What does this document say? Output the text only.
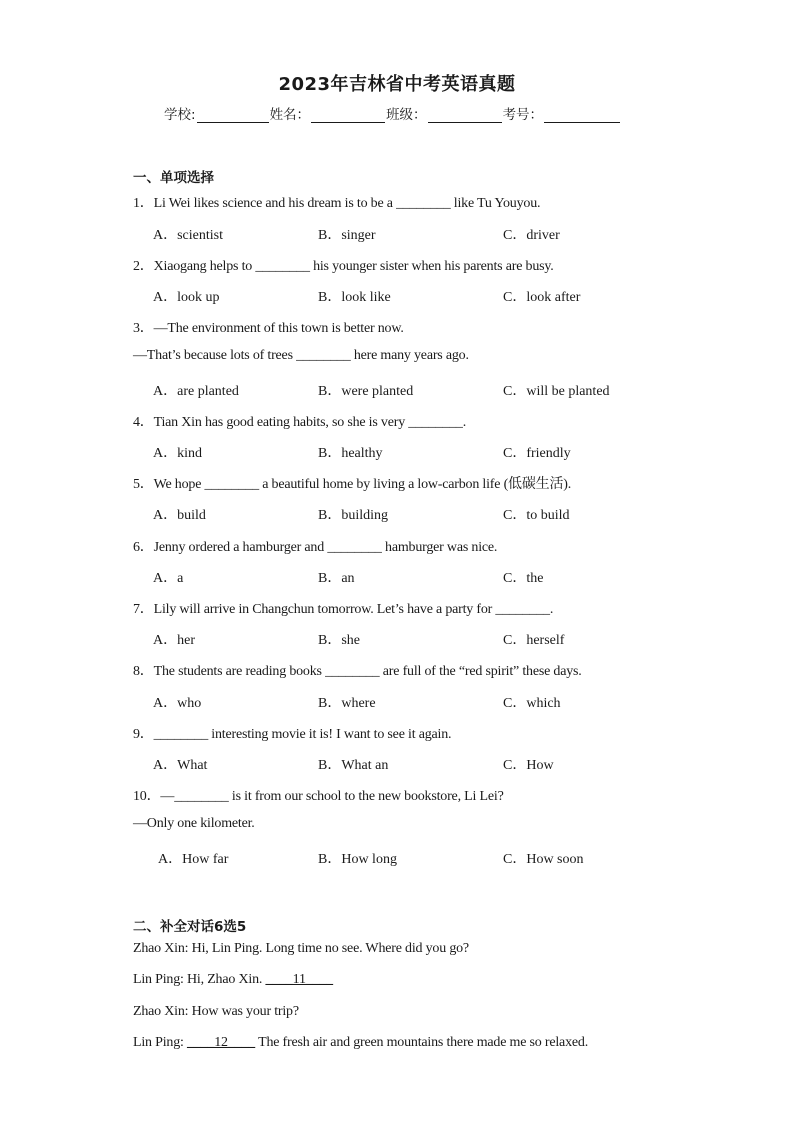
2023年吉林省中考英语真题
学校:	姓名：	班级：	考号：
一、单项选择
1．Li Wei likes science and his dream is to be a ________ like Tu Youyou.
A．scientist	B．singer	C．driver
2．Xiaogang helps to ________ his younger sister when his parents are busy.
A．look up	B．look like	C．look after
3．—The environment of this town is better now.
—That’s because lots of trees ________ here many years ago.
A．are planted	B．were planted	C．will be planted
4．Tian Xin has good eating habits, so she is very ________.
A．kind	B．healthy	C．friendly
5．We hope ________ a beautiful home by living a low-carbon life (低碳生活).
A．build	B．building	C．to build
6．Jenny ordered a hamburger and ________ hamburger was nice.
A．a	B．an	C．the
7．Lily will arrive in Changchun tomorrow. Let’s have a party for ________.
A．her	B．she	C．herself
8．The students are reading books ________ are full of the “red spirit” these days.
A．who	B．where	C．which
9．________ interesting movie it is! I want to see it again.
A．What	B．What an	C．How
10．—________ is it from our school to the new bookstore, Li Lei?
—Only one kilometer.
A．How far	B．How long	C．How soon
二、补全对话6选5
Zhao Xin: Hi, Lin Ping. Long time no see. Where did you go?
Lin Ping: Hi, Zhao Xin. ____11____
Zhao Xin: How was your trip?
Lin Ping: ____12____ The fresh air and green mountains there made me so relaxed.
